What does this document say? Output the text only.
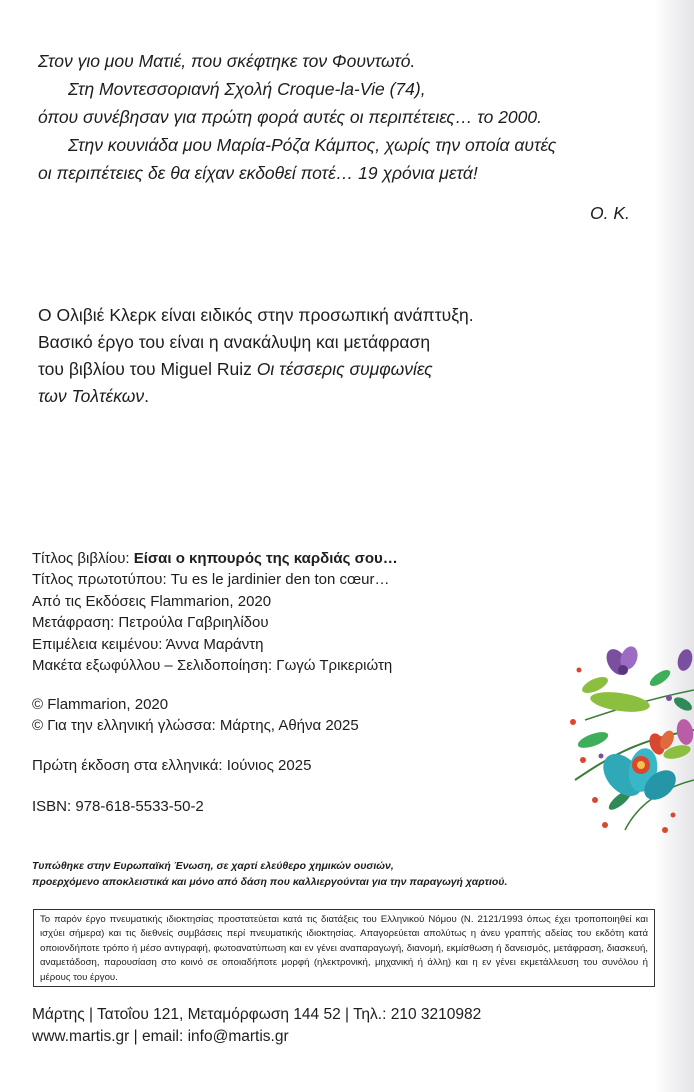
Στον γιο μου Ματιέ, που σκέφτηκε τον Φουντωτό.

Στη Μοντεσσοριανή Σχολή Croque-la-Vie (74),

όπου συνέβησαν για πρώτη φορά αυτές οι περιπέτειες… το 2000.

Στην κουνιάδα μου Μαρία-Ρόζα Κάμπος, χωρίς την οποία αυτές

οι περιπέτειες δε θα είχαν εκδοθεί ποτέ… 19 χρόνια μετά!

Ο. Κ.

Ο Ολιβιέ Κλερκ είναι ειδικός στην προσωπική ανάπτυξη.

Βασικό έργο του είναι η ανακάλυψη και μετάφραση

του βιβλίου του Miguel Ruiz Οι τέσσερις συμφωνίες

των Τολτέκων.

Τίτλος βιβλίου: Είσαι ο κηπουρός της καρδιάς σου…

Τίτλος πρωτοτύπου: Tu es le jardinier den ton cœur…

Από τις Εκδόσεις Flammarion, 2020

Μετάφραση: Πετρούλα Γαβριηλίδου

Επιμέλεια κειμένου: Άννα Μαράντη

Μακέτα εξωφύλλου – Σελιδοποίηση: Γωγώ Τρικεριώτη

© Flammarion, 2020

© Για την ελληνική γλώσσα: Μάρτης, Αθήνα 2025

Πρώτη έκδοση στα ελληνικά: Ιούνιος 2025
ISBN: 978-618-5533-50-2

Τυπώθηκε στην Ευρωπαϊκή Ένωση, σε χαρτί ελεύθερο χημικών ουσιών,

προερχόμενο αποκλειστικά και μόνο από δάση που καλλιεργούνται για την παραγωγή χαρτιού.

Το παρόν έργο πνευματικής ιδιοκτησίας προστατεύεται κατά τις διατάξεις του Ελληνικού Νόμου (Ν. 2121/1993 όπως έχει τροποποιηθεί και ισχύει σήμερα) και τις διεθνείς συμβάσεις περί πνευματικής ιδιοκτησίας. Απαγορεύεται απολύτως η άνευ γραπτής αδείας του εκδότη κατά οποιονδήποτε τρόπο ή μέσο αντιγραφή, φωτοανατύπωση και εν γένει αναπαραγωγή, διανομή, εκμίσθωση ή δανεισμός, μετάφραση, διασκευή, αναμετάδοση, παρουσίαση στο κοινό σε οποιαδήποτε μορφή (ηλεκτρονική, μηχανική ή άλλη) και η εν γένει εκμετάλλευση του συνόλου ή μέρους του έργου.

Μάρτης | Τατοΐου 121, Μεταμόρφωση 144 52 | Τηλ.: 210 3210982

www.martis.gr | email: info@martis.gr
